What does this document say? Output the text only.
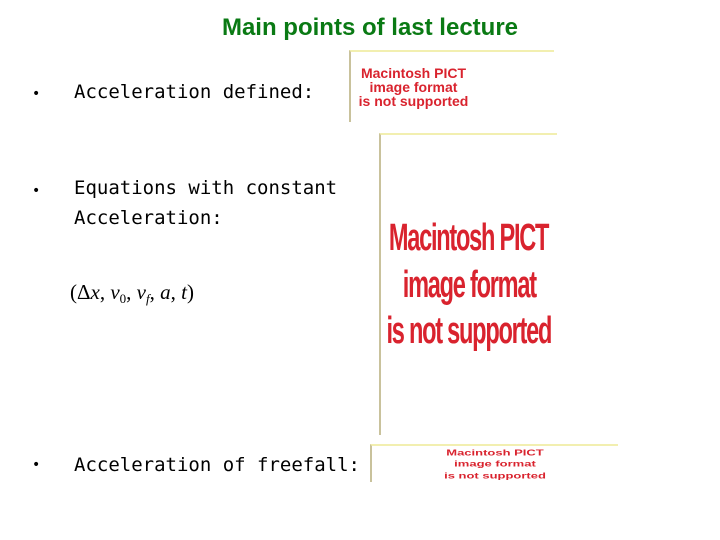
Main points of last lecture
• Acceleration defined:
• Equations with constant
Acceleration:
(Δx, $v_0$, $v_f$, a, t)
• Acceleration of freefall:
Macintosh PICT
image format
is not supported
Macintosh PICT
image format
is not supported
Macintosh PICT
image format
is not supported
